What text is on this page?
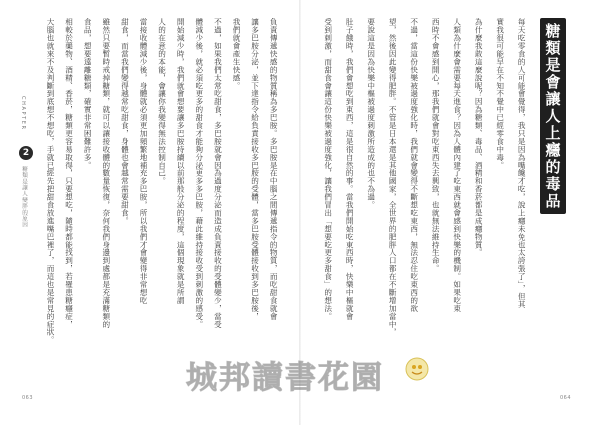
糖類是會讓人上癮的毒品
每天吃零食的人可能會覺得，我只是因為嘴饞才吃，說上癮未免也太誇張了」，但其
實我很可能早在不知不覺中已經零食中毒。
為什麼我敢這麼說呢？因為糖類、毒品、酒精和香菸都是成癮物質。
人類為什麼會需要每天進食？因為人體內建了吃東西就會感到快樂的機制。如果吃東
西時不會感到開心，那我們就會對吃東西失去興致，也就無法維持生命。
不過，當這份快樂被過度強化時，我們就會變得不斷想吃東西，無法忍住吃東西的欲
望，然後因此變得肥胖。不管是日本還是其他國家，全世界的肥胖人口都在不斷增加當中，
要說這是因為快樂中樞被過度刺激所造成的也不為過。
肚子餓時，我們會想吃到東西，這是很自然的事。當我們開始吃東西時，快樂中樞就會
受到刺激，而甜食會讓這份快樂被過度強化，讓我們冒出「想要吃更多甜食」的想法。
064
負責傳遞快感的物質稱為多巴胺。多巴胺是在中腦之間傳遞指令的物質，而吃甜食就會
讓多巴胺分泌，並下達指令給負責接收多巴胺的受體，當多巴胺受體接收到多巴胺後，
我們就會產生快感。
不過，如果我們太常吃甜食，多巴胺就會因為過度分泌而造成負責接收的受體變少，當受
體減少後，就必須吃更多的甜食才能夠分泌更多多巴胺，藉此維持接收受到刺激的感受。
開始減少時，我們就會想要讓多巴胺持續以前那般分泌的程度，這個現象就是所謂
人的在意的本能，會讓你我變得無法控制自己。
當接收體減少後，身體就必須更加頻繁地補充多巴胺，所以我們才會變得非常想吃
甜食，而當我們變得越常吃甜食，身體也會越常需要甜食。
雖然只要暫時戒掉糖類，就可以讓接收體的數量恢復，奈何我們身邊到處都是充滿糖類的
食品，想要遠離糖類，確實非常困難許多。
相較於藥物、酒精、香菸，糖類更容易取得，只要想吃，隨時都能找到，若罹患糖癮症，
大腦也就來不及判斷到底想不想吃，手就已經先把甜食放進嘴巴裡了，而這也是常見的症狀。
CHAPTER
2
糖類是讓人變胖的原因
063
城邦讀書花園
